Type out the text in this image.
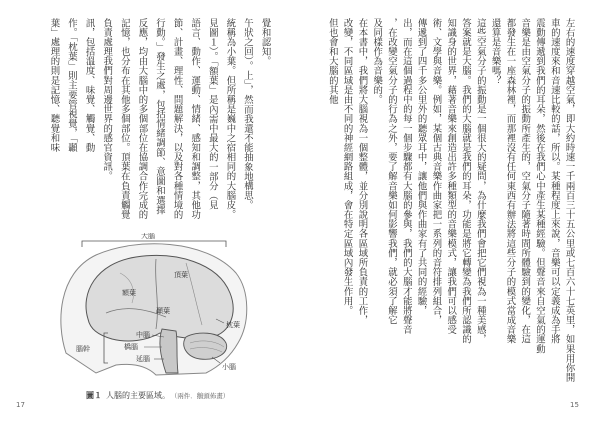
覺和認知。
午狀之回）。上」，然而我還不能抽象地構思。
統稱為小葉。但所稱是巍中之宿相同的大腦皮。
見圖１）。「額葉」是內需中最大的一部分（見
語言、動作、運動、情緒、感知和調整，其他功
節、計畫、理性、問題解決，以及對各種情境的
行動。」發生之處，包括情緒調節、意圖和選擇
反應，均由大腦中的多個部位在協調合作完成的
記憶，也分布在其他多個部位。頂葉在負責觸覺
負責處理我們對周邊世界的感官資訊。
訊，包括溫度、味覺、觸覺、動
作。「枕葉」則主要管視覺，「顳
葉」處理的則是記憶、聽覺和味
大腦
頂葉
額葉
顳葉
枕葉
中腦
橋腦
延腦
小腦
腦幹
圖１ 人腦的主要區域。 （兩件．鵝頭佈畫）
17
左右的速度穿越空氣，即大約時速一千兩百三十五公里或七百六十七英里，如果用你開
車的速度來和音速比較的話，所以。某種程度上來說，音樂可以定義成為手將
震動傳遞到我們的耳朵，然後在我們心中產生某種經驗。但聲音來自空氣的運動
音樂是由空氣分子的振動所產生的，空氣分子隨著時間所體驗到的變化，在這
都發生在一座森林裡，而那裡沒有任何東西有辦法將這些分子的模式當成音樂
還算是音樂嗎？
這些空氣分子的振動是一個很大的疑問，為什麼我們會把它們視為一種美感，
答案就是大腦。我們的大腦就是我們的耳朵，功能是將它轉變為我們所認識的
知識身的世界，藉著音樂來創造出許多種類型的音樂模式，讓我們可以感受
術、文學與音樂。例如，某個古典音樂作曲家把一系列的音符排列組合，
傳遞到了四千多公里外的聽眾耳中，讓他們與作曲家有了共同的經驗，
出，而在這個過程中的每一個步驟都有大腦的參與，我們的大腦才能將聲音
，在改變空氣分子的行為之外，要了解音樂如何影響我們，就必須了解它
及同樣作為音樂的。
在本書中，我們將大腦視為一個整體，並分別說明各區域所負責的工作，
改變，不同區域是由不同的神經網路組成，會在特定區域內發生作用。
但也會和大腦的其他
15
